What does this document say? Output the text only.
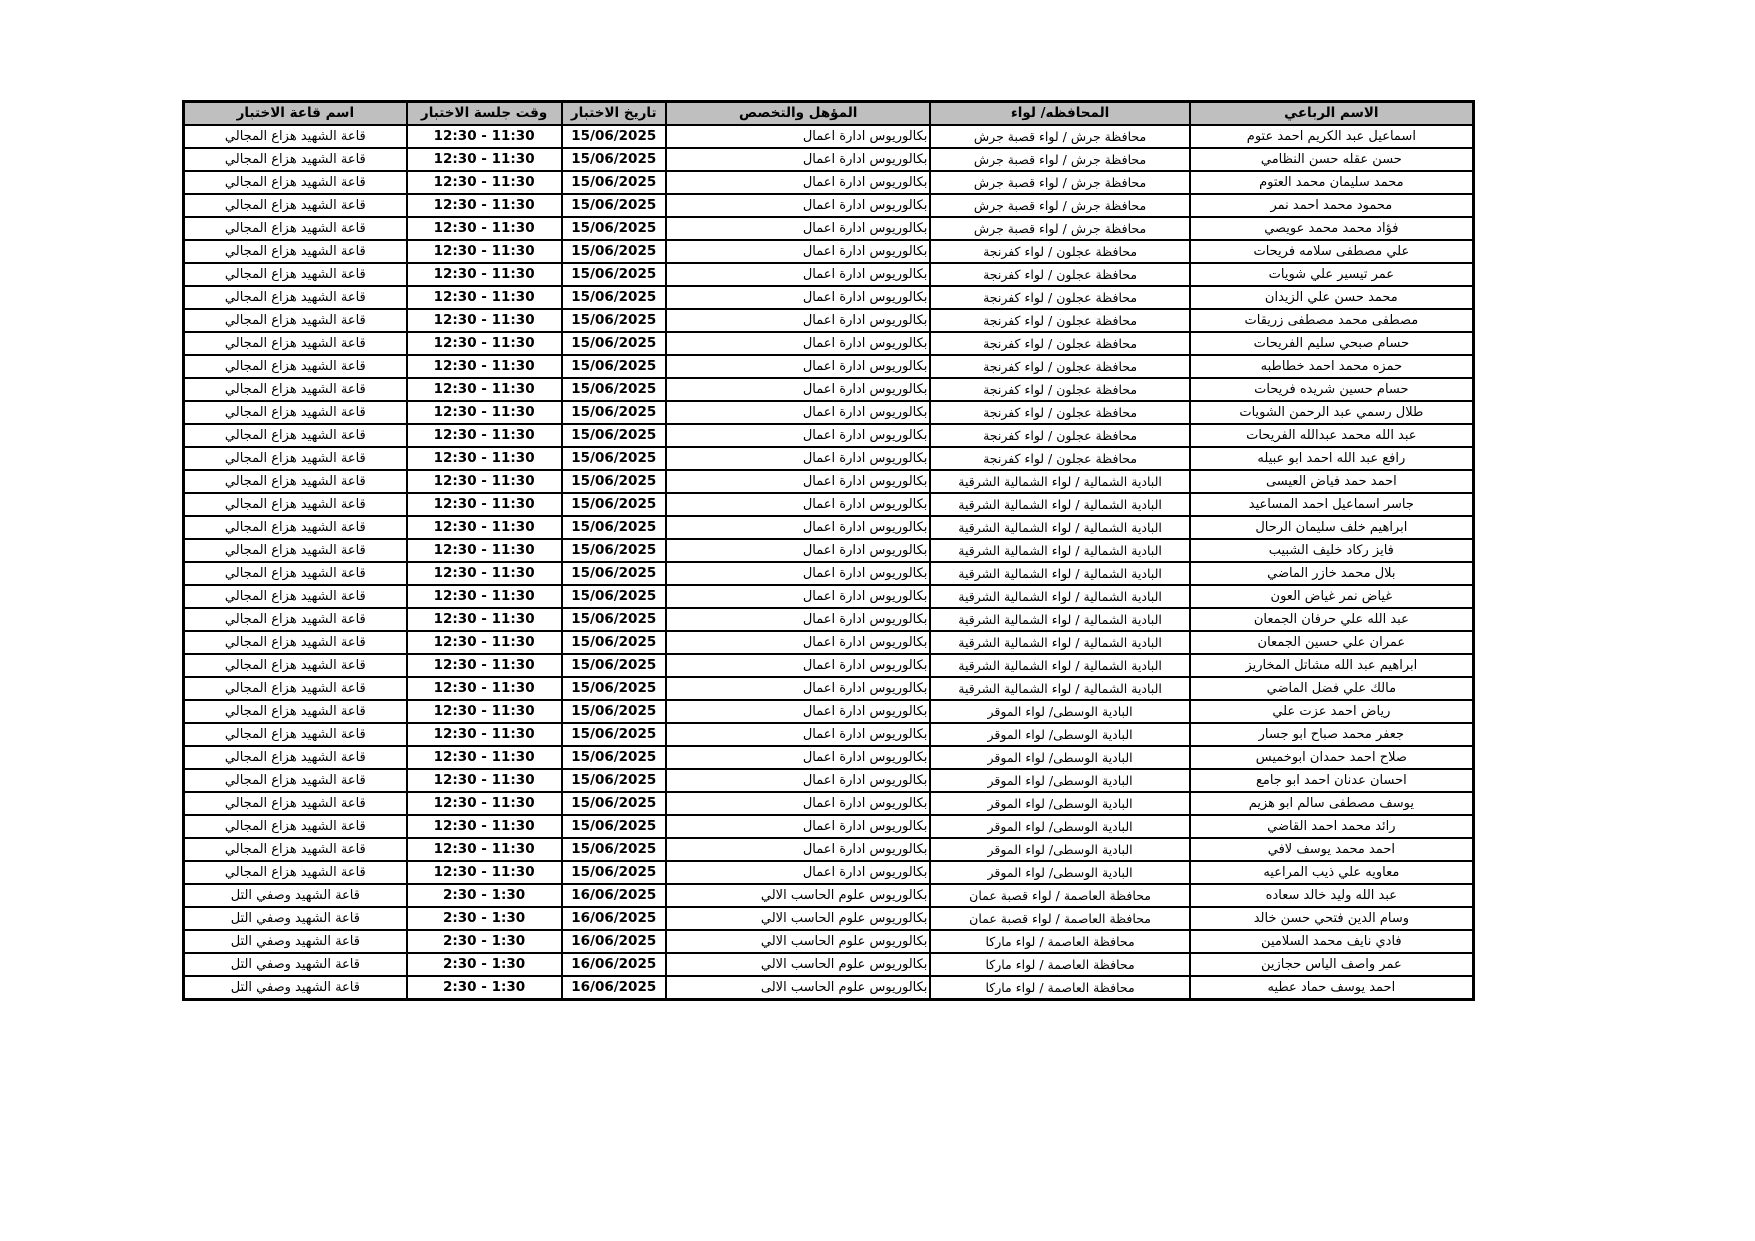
الاسم الرباعي	المحافظه/ لواء	المؤهل والتخصص	تاريخ الاختبار	وقت جلسة الاختبار	اسم قاعة الاختبار
اسماعيل عبد الكريم احمد عتوم	محافظة جرش / لواء قصبة جرش	بكالوريوس ادارة اعمال	15/06/2025	11:30 - 12:30	قاعة الشهيد هزاع المجالي
حسن عقله حسن النظامي	محافظة جرش / لواء قصبة جرش	بكالوريوس ادارة اعمال	15/06/2025	11:30 - 12:30	قاعة الشهيد هزاع المجالي
محمد سليمان محمد العتوم	محافظة جرش / لواء قصبة جرش	بكالوريوس ادارة اعمال	15/06/2025	11:30 - 12:30	قاعة الشهيد هزاع المجالي
محمود محمد احمد نمر	محافظة جرش / لواء قصبة جرش	بكالوريوس ادارة اعمال	15/06/2025	11:30 - 12:30	قاعة الشهيد هزاع المجالي
فؤاد محمد محمد عويصي	محافظة جرش / لواء قصبة جرش	بكالوريوس ادارة اعمال	15/06/2025	11:30 - 12:30	قاعة الشهيد هزاع المجالي
علي مصطفى سلامه فريحات	محافظة عجلون / لواء كفرنجة	بكالوريوس ادارة اعمال	15/06/2025	11:30 - 12:30	قاعة الشهيد هزاع المجالي
عمر تيسير علي شويات	محافظة عجلون / لواء كفرنجة	بكالوريوس ادارة اعمال	15/06/2025	11:30 - 12:30	قاعة الشهيد هزاع المجالي
محمد حسن علي الزيدان	محافظة عجلون / لواء كفرنجة	بكالوريوس ادارة اعمال	15/06/2025	11:30 - 12:30	قاعة الشهيد هزاع المجالي
مصطفى محمد مصطفى زريقات	محافظة عجلون / لواء كفرنجة	بكالوريوس ادارة اعمال	15/06/2025	11:30 - 12:30	قاعة الشهيد هزاع المجالي
حسام صبحي سليم الفريحات	محافظة عجلون / لواء كفرنجة	بكالوريوس ادارة اعمال	15/06/2025	11:30 - 12:30	قاعة الشهيد هزاع المجالي
حمزه محمد احمد خطاطبه	محافظة عجلون / لواء كفرنجة	بكالوريوس ادارة اعمال	15/06/2025	11:30 - 12:30	قاعة الشهيد هزاع المجالي
حسام حسين شريده فريحات	محافظة عجلون / لواء كفرنجة	بكالوريوس ادارة اعمال	15/06/2025	11:30 - 12:30	قاعة الشهيد هزاع المجالي
طلال رسمي عبد الرحمن الشويات	محافظة عجلون / لواء كفرنجة	بكالوريوس ادارة اعمال	15/06/2025	11:30 - 12:30	قاعة الشهيد هزاع المجالي
عبد الله محمد عبدالله الفريحات	محافظة عجلون / لواء كفرنجة	بكالوريوس ادارة اعمال	15/06/2025	11:30 - 12:30	قاعة الشهيد هزاع المجالي
رافع عبد الله احمد ابو عبيله	محافظة عجلون / لواء كفرنجة	بكالوريوس ادارة اعمال	15/06/2025	11:30 - 12:30	قاعة الشهيد هزاع المجالي
احمد حمد فياض العيسى	البادية الشمالية / لواء الشمالية الشرقية	بكالوريوس ادارة اعمال	15/06/2025	11:30 - 12:30	قاعة الشهيد هزاع المجالي
جاسر اسماعيل احمد المساعيد	البادية الشمالية / لواء الشمالية الشرقية	بكالوريوس ادارة اعمال	15/06/2025	11:30 - 12:30	قاعة الشهيد هزاع المجالي
ابراهيم خلف سليمان الرحال	البادية الشمالية / لواء الشمالية الشرقية	بكالوريوس ادارة اعمال	15/06/2025	11:30 - 12:30	قاعة الشهيد هزاع المجالي
فايز ركاد خليف الشبيب	البادية الشمالية / لواء الشمالية الشرقية	بكالوريوس ادارة اعمال	15/06/2025	11:30 - 12:30	قاعة الشهيد هزاع المجالي
بلال محمد خازر الماضي	البادية الشمالية / لواء الشمالية الشرقية	بكالوريوس ادارة اعمال	15/06/2025	11:30 - 12:30	قاعة الشهيد هزاع المجالي
غياض نمر غياض العون	البادية الشمالية / لواء الشمالية الشرقية	بكالوريوس ادارة اعمال	15/06/2025	11:30 - 12:30	قاعة الشهيد هزاع المجالي
عبد الله علي حرفان الجمعان	البادية الشمالية / لواء الشمالية الشرقية	بكالوريوس ادارة اعمال	15/06/2025	11:30 - 12:30	قاعة الشهيد هزاع المجالي
عمران علي حسين الجمعان	البادية الشمالية / لواء الشمالية الشرقية	بكالوريوس ادارة اعمال	15/06/2025	11:30 - 12:30	قاعة الشهيد هزاع المجالي
ابراهيم عبد الله مشاتل المخاريز	البادية الشمالية / لواء الشمالية الشرقية	بكالوريوس ادارة اعمال	15/06/2025	11:30 - 12:30	قاعة الشهيد هزاع المجالي
مالك علي فضل الماضي	البادية الشمالية / لواء الشمالية الشرقية	بكالوريوس ادارة اعمال	15/06/2025	11:30 - 12:30	قاعة الشهيد هزاع المجالي
رياض احمد عزت علي	البادية الوسطى/ لواء الموقر	بكالوريوس ادارة اعمال	15/06/2025	11:30 - 12:30	قاعة الشهيد هزاع المجالي
جعفر محمد صباح ابو جسار	البادية الوسطى/ لواء الموقر	بكالوريوس ادارة اعمال	15/06/2025	11:30 - 12:30	قاعة الشهيد هزاع المجالي
صلاح احمد حمدان ابوخميس	البادية الوسطى/ لواء الموقر	بكالوريوس ادارة اعمال	15/06/2025	11:30 - 12:30	قاعة الشهيد هزاع المجالي
احسان عدنان احمد ابو جامع	البادية الوسطى/ لواء الموقر	بكالوريوس ادارة اعمال	15/06/2025	11:30 - 12:30	قاعة الشهيد هزاع المجالي
يوسف مصطفى سالم ابو هزيم	البادية الوسطى/ لواء الموقر	بكالوريوس ادارة اعمال	15/06/2025	11:30 - 12:30	قاعة الشهيد هزاع المجالي
رائد محمد احمد القاضي	البادية الوسطى/ لواء الموقر	بكالوريوس ادارة اعمال	15/06/2025	11:30 - 12:30	قاعة الشهيد هزاع المجالي
احمد محمد يوسف لافي	البادية الوسطى/ لواء الموقر	بكالوريوس ادارة اعمال	15/06/2025	11:30 - 12:30	قاعة الشهيد هزاع المجالي
معاويه علي ذيب المراعيه	البادية الوسطى/ لواء الموقر	بكالوريوس ادارة اعمال	15/06/2025	11:30 - 12:30	قاعة الشهيد هزاع المجالي
عبد الله وليد خالد سعاده	محافظة العاصمة / لواء قصبة عمان	بكالوريوس علوم الحاسب الالي	16/06/2025	1:30 - 2:30	قاعة الشهيد وصفي التل
وسام الدين فتحي حسن خالد	محافظة العاصمة / لواء قصبة عمان	بكالوريوس علوم الحاسب الالي	16/06/2025	1:30 - 2:30	قاعة الشهيد وصفي التل
فادي نايف محمد السلامين	محافظة العاصمة / لواء ماركا	بكالوريوس علوم الحاسب الالي	16/06/2025	1:30 - 2:30	قاعة الشهيد وصفي التل
عمر واصف الياس حجازين	محافظة العاصمة / لواء ماركا	بكالوريوس علوم الحاسب الالي	16/06/2025	1:30 - 2:30	قاعة الشهيد وصفي التل
احمد يوسف حماد عطيه	محافظة العاصمة / لواء ماركا	بكالوريوس علوم الحاسب الالى	16/06/2025	1:30 - 2:30	قاعة الشهيد وصفي التل
